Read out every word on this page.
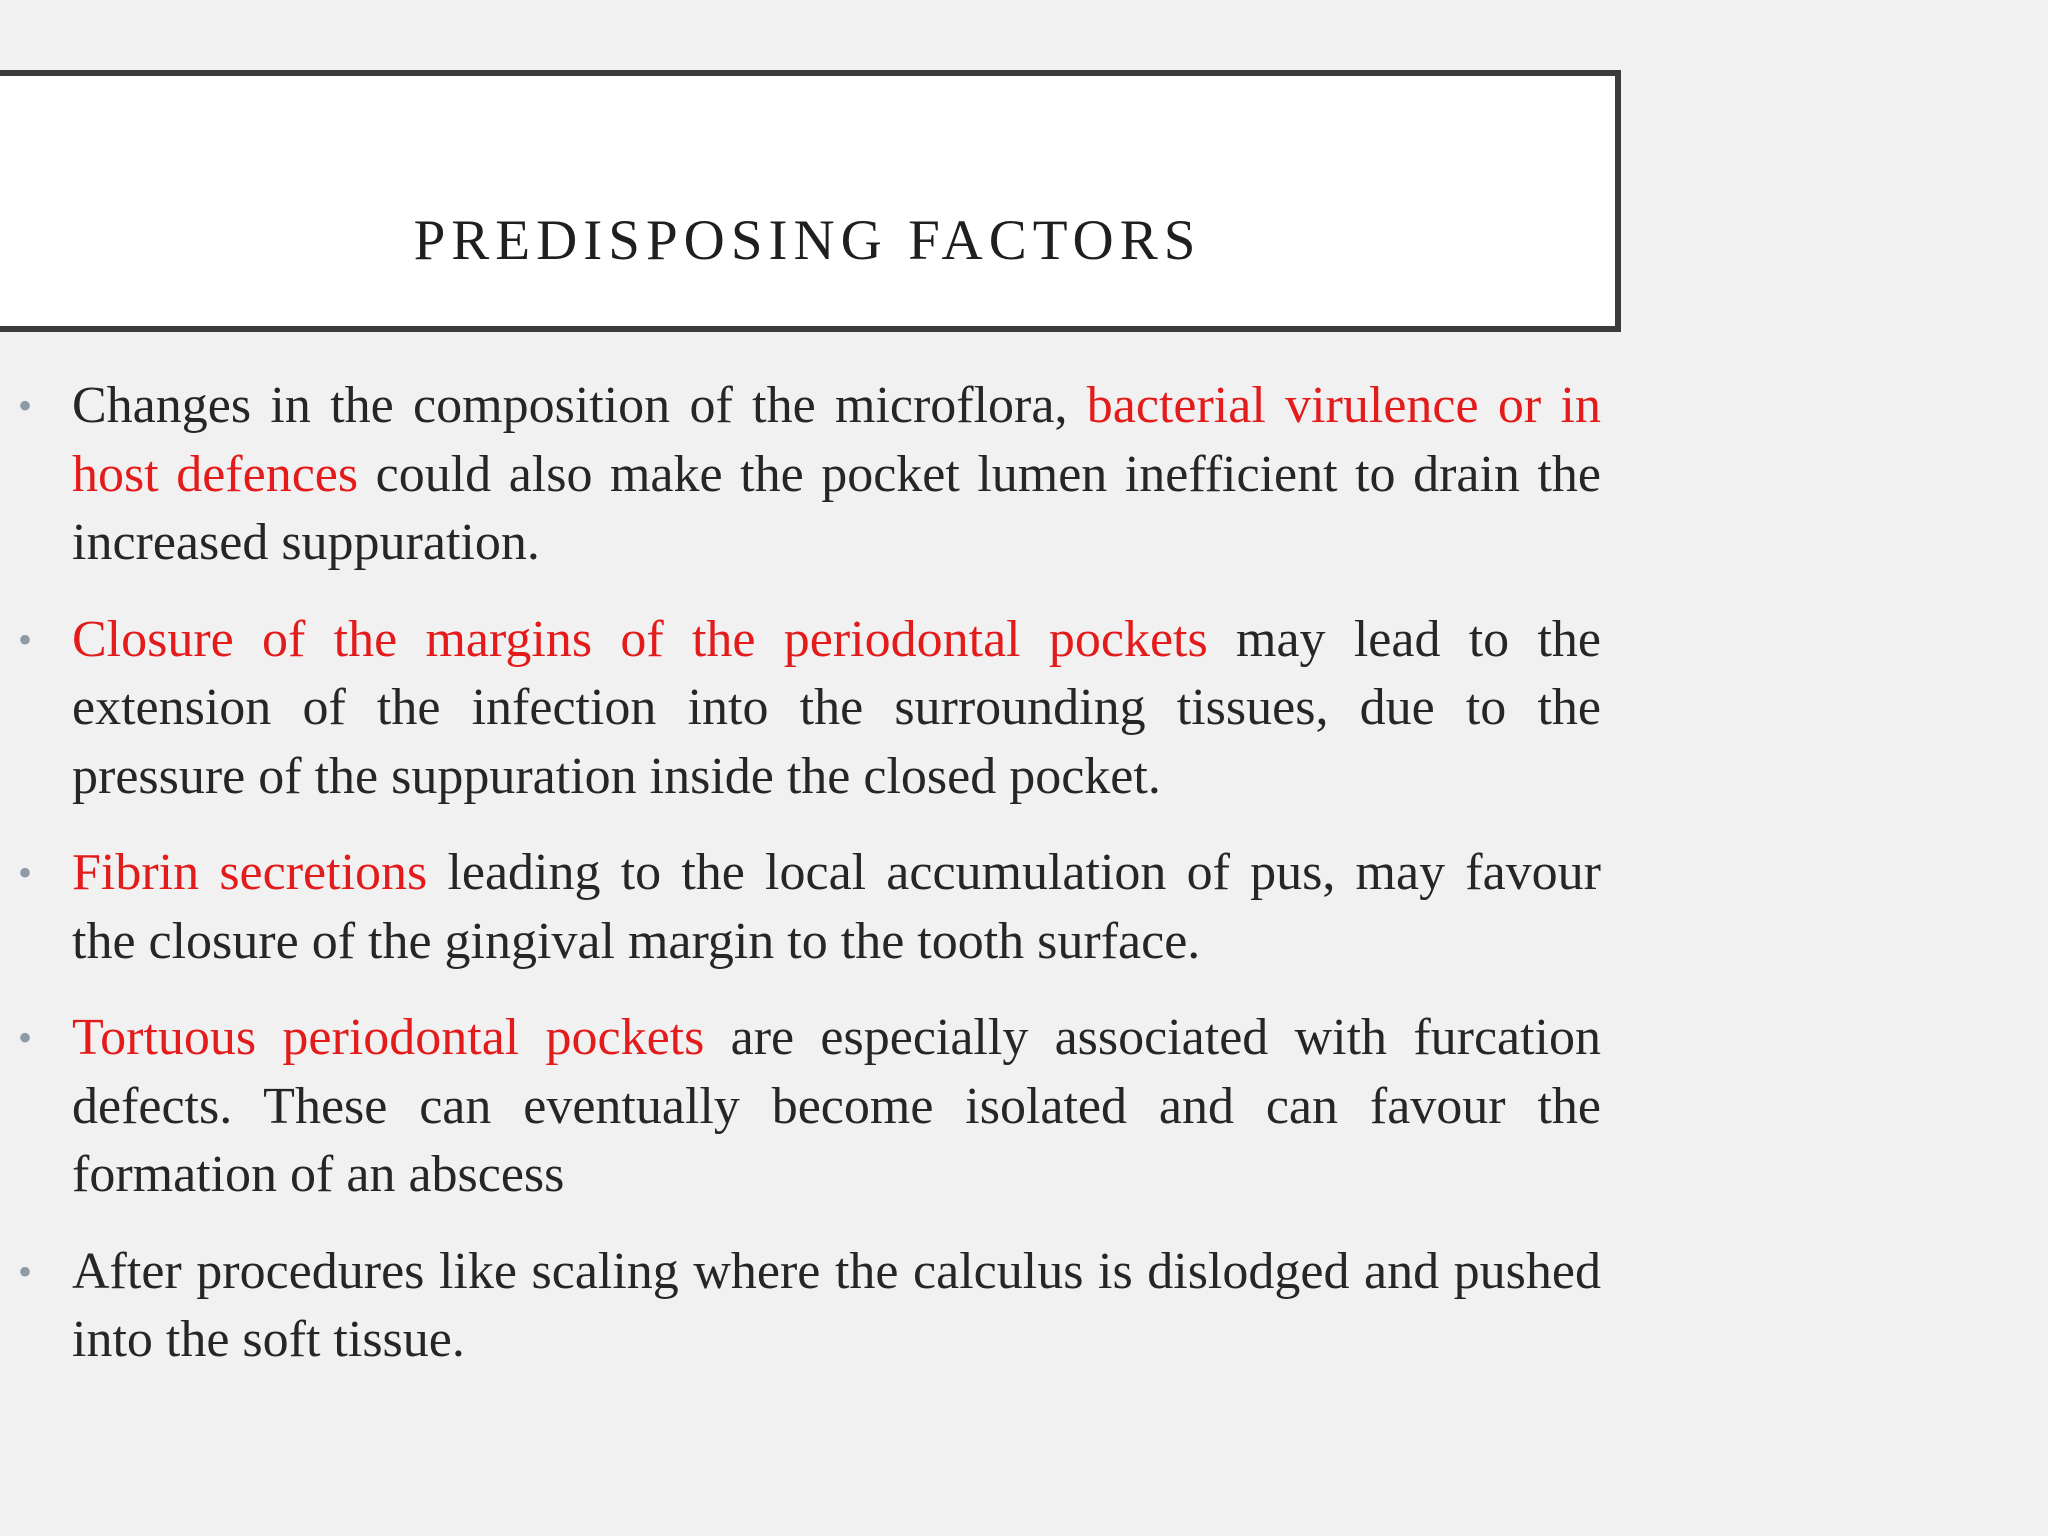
PREDISPOSING FACTORS

• Changes in the composition of the microflora, bacterial virulence or in host defences could also make the pocket lumen inefficient to drain the increased suppuration.

• Closure of the margins of the periodontal pockets may lead to the extension of the infection into the surrounding tissues, due to the pressure of the suppuration inside the closed pocket.

• Fibrin secretions leading to the local accumulation of pus, may favour the closure of the gingival margin to the tooth surface.

• Tortuous periodontal pockets are especially associated with furcation defects. These can eventually become isolated and can favour the formation of an abscess

• After procedures like scaling where the calculus is dislodged and pushed into the soft tissue.
